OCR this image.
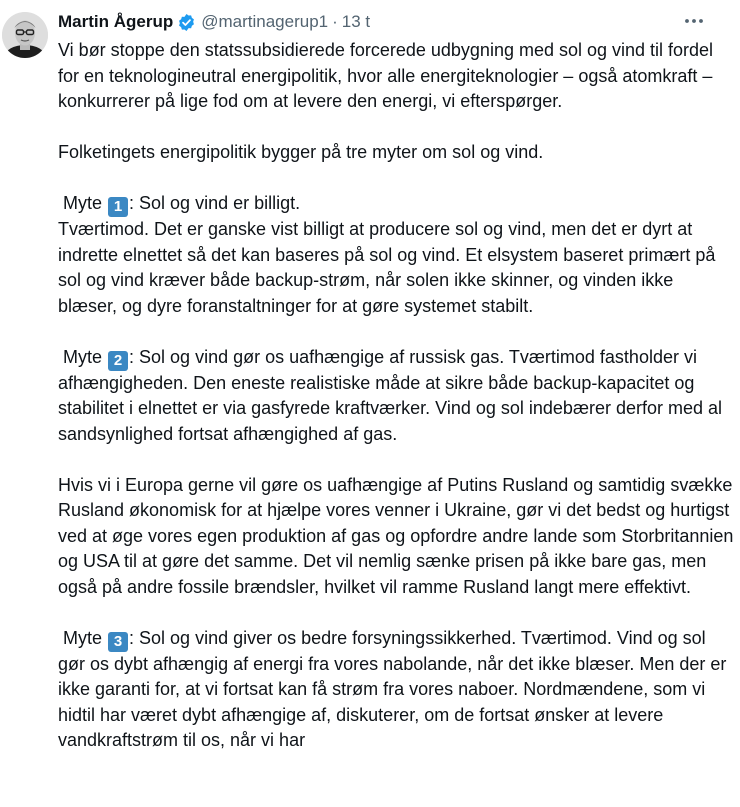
Martin Ågerup @martinagerup1 · 13 t

Vi bør stoppe den statssubsidierede forcerede udbygning med sol og vind til fordel for en teknologineutral energipolitik, hvor alle energiteknologier – også atomkraft – konkurrerer på lige fod om at levere den energi, vi efterspørger.

Folketingets energipolitik bygger på tre myter om sol og vind.

Myte 1 : Sol og vind er billigt.
Tværtimod. Det er ganske vist billigt at producere sol og vind, men det er dyrt at indrette elnettet så det kan baseres på sol og vind. Et elsystem baseret primært på sol og vind kræver både backup-strøm, når solen ikke skinner, og vinden ikke blæser, og dyre foranstaltninger for at gøre systemet stabilt.

Myte 2 : Sol og vind gør os uafhængige af russisk gas. Tværtimod fastholder vi afhængigheden. Den eneste realistiske måde at sikre både backup-kapacitet og stabilitet i elnettet er via gasfyrede kraftværker. Vind og sol indebærer derfor med al sandsynlighed fortsat afhængighed af gas.

Hvis vi i Europa gerne vil gøre os uafhængige af Putins Rusland og samtidig svække Rusland økonomisk for at hjælpe vores venner i Ukraine, gør vi det bedst og hurtigst ved at øge vores egen produktion af gas og opfordre andre lande som Storbritannien og USA til at gøre det samme. Det vil nemlig sænke prisen på ikke bare gas, men også på andre fossile brændsler, hvilket vil ramme Rusland langt mere effektivt.

Myte 3 : Sol og vind giver os bedre forsyningssikkerhed. Tværtimod. Vind og sol gør os dybt afhængig af energi fra vores nabolande, når det ikke blæser. Men der er ikke garanti for, at vi fortsat kan få strøm fra vores naboer. Nordmændene, som vi hidtil har været dybt afhængige af, diskuterer, om de fortsat ønsker at levere vandkraftstrøm til os, når vi har
